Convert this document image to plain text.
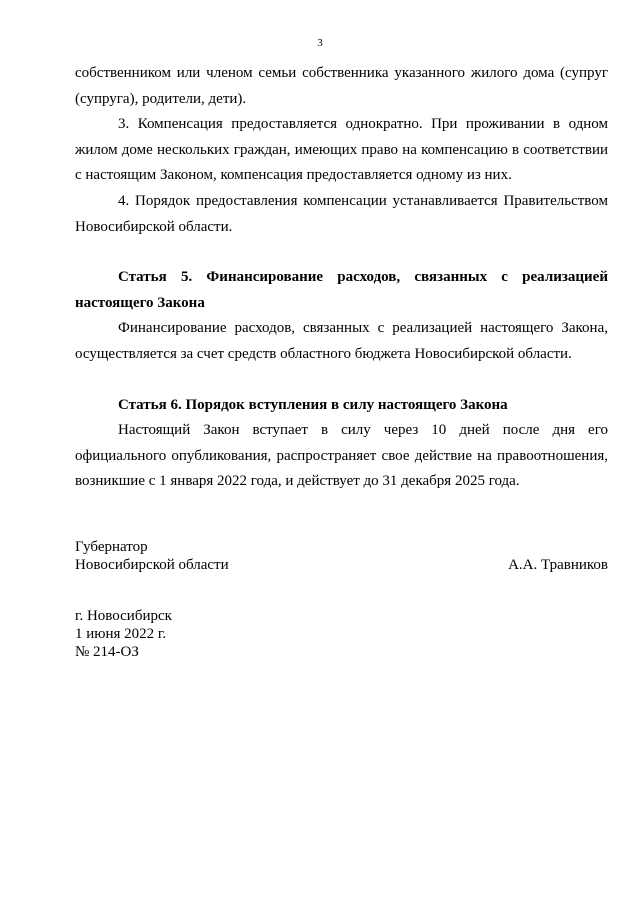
3

собственником или членом семьи собственника указанного жилого дома (супруг (супруга), родители, дети).

3. Компенсация предоставляется однократно. При проживании в одном жилом доме нескольких граждан, имеющих право на компенсацию в соответствии с настоящим Законом, компенсация предоставляется одному из них.

4. Порядок предоставления компенсации устанавливается Правительством Новосибирской области.

Статья 5. Финансирование расходов, связанных с реализацией настоящего Закона

Финансирование расходов, связанных с реализацией настоящего Закона, осуществляется за счет средств областного бюджета Новосибирской области.

Статья 6. Порядок вступления в силу настоящего Закона

Настоящий Закон вступает в силу через 10 дней после дня его официального опубликования, распространяет свое действие на правоотношения, возникшие с 1 января 2022 года, и действует до 31 декабря 2025 года.

Губернатор
Новосибирской области	А.А. Травников
г. Новосибирск
1 июня 2022 г.
№ 214-ОЗ
